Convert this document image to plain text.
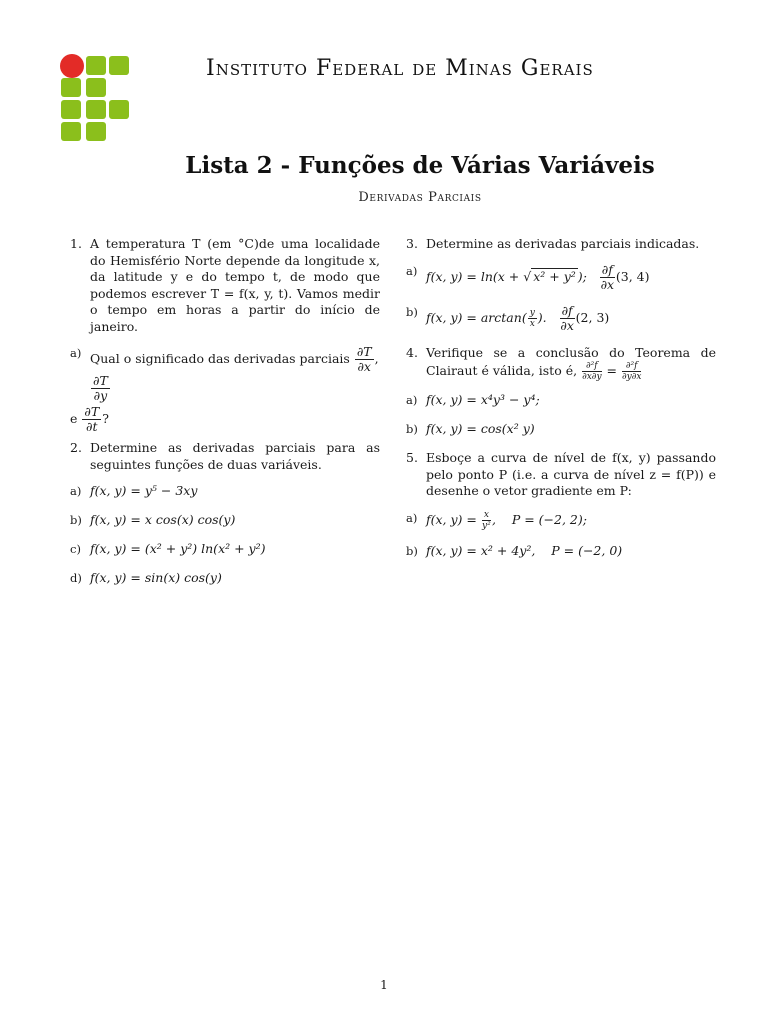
Instituto Federal de Minas Gerais
Lista 2 - Funções de Várias Variáveis
Derivadas Parciais
1. A temperatura T (em °C)de uma localidade do Hemisfério Norte depende da longitude x, da latitude y e do tempo t, de modo que podemos escrever T = f(x, y, t). Vamos medir o tempo em horas a partir do início de janeiro.
a) Qual o significado das derivadas parciais $\frac{\partial T}{\partial x}$ ,
$\frac{\partial T}{\partial y}$
e $\frac{\partial T}{\partial t}$ ?
2. Determine as derivadas parciais para as seguintes funções de duas variáveis.
a) f(x, y) = y⁵ − 3xy
b) f(x, y) = x cos(x) cos(y)
c) f(x, y) = (x² + y²) ln(x² + y²)
d) f(x, y) = sin(x) cos(y)
3. Determine as derivadas parciais indicadas.
a) f(x, y) = ln(x + √ x² + y² ); $\frac{\partial f}{\partial x} (3$, 4)
b) f(x, $y) = \arctan( \frac{y}{x}$ ). $\frac{\partial f}{\partial x} (2$, 3)
4. Verifique se a conclusão do Teorema de Clairaut é válida, isto é, $\frac{\text{∂²f}}{\partial x\partial y} = \frac{\text{∂²f}}{\partial y\partial x}$
a) f(x, y) = x⁴y³ − y⁴;
b) f(x, y) = cos(x² y)
5. Esboçe a curva de nível de f(x, y) passando pelo ponto P (i.e. a curva de nível z = f(P)) e desenhe o vetor gradiente em P:
a) f(x, $y) = \frac{x}{\text{y²}}$ , P = (−2, 2);
b) f(x, y) = x² + 4y², P = (−2, 0)
1
